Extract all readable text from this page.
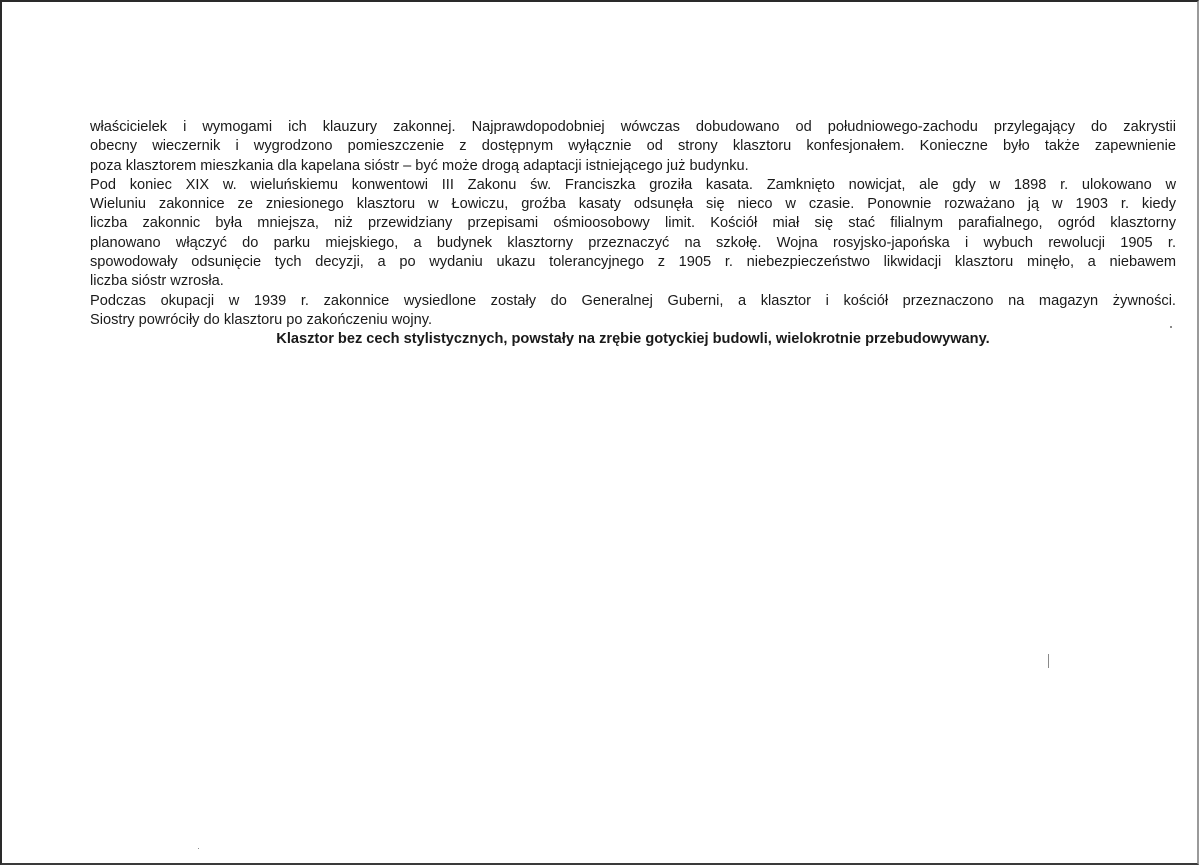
właścicielek i wymogami ich klauzury zakonnej. Najprawdopodobniej wówczas dobudowano od południowego-zachodu przylegający do zakrystii
obecny wieczernik i wygrodzono pomieszczenie z dostępnym wyłącznie od strony klasztoru konfesjonałem. Konieczne było także zapewnienie
poza klasztorem mieszkania dla kapelana sióstr – być może drogą adaptacji istniejącego już budynku.
Pod koniec XIX w. wieluńskiemu konwentowi III Zakonu św. Franciszka groziła kasata. Zamknięto nowicjat, ale gdy w 1898 r. ulokowano w
Wieluniu zakonnice ze zniesionego klasztoru w Łowiczu, groźba kasaty odsunęła się nieco w czasie. Ponownie rozważano ją w 1903 r. kiedy
liczba zakonnic była mniejsza, niż przewidziany przepisami ośmioosobowy limit. Kościół miał się stać filialnym parafialnego, ogród klasztorny
planowano włączyć do parku miejskiego, a budynek klasztorny przeznaczyć na szkołę. Wojna rosyjsko-japońska i wybuch rewolucji 1905 r.
spowodowały odsunięcie tych decyzji, a po wydaniu ukazu tolerancyjnego z 1905 r. niebezpieczeństwo likwidacji klasztoru minęło, a niebawem
liczba sióstr wzrosła.
Podczas okupacji w 1939 r. zakonnice wysiedlone zostały do Generalnej Guberni, a klasztor i kościół przeznaczono na magazyn żywności.
Siostry powróciły do klasztoru po zakończeniu wojny.
Klasztor bez cech stylistycznych, powstały na zrębie gotyckiej budowli, wielokrotnie przebudowywany.
